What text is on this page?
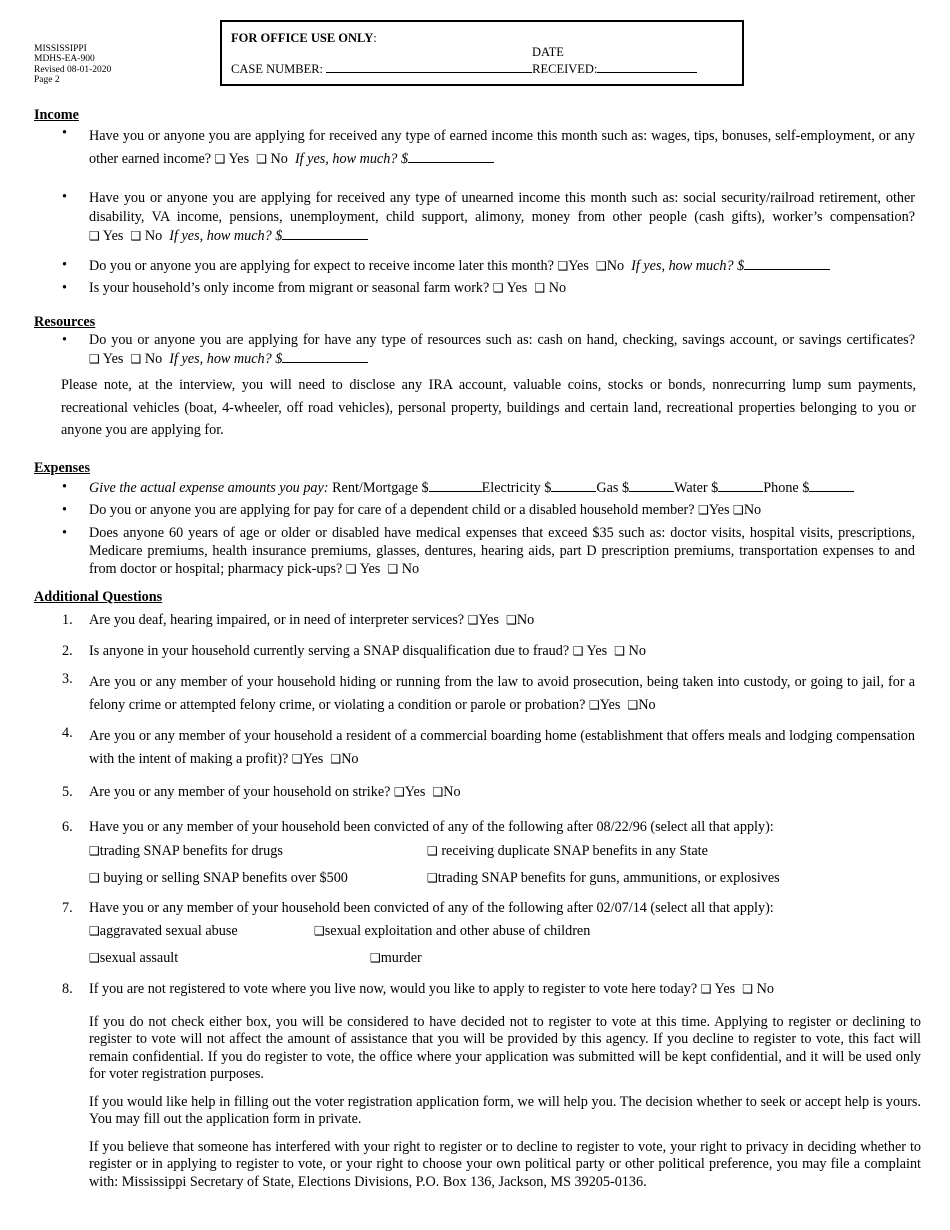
MISSISSIPPI
MDHS-EA-900
Revised 08-01-2020
Page 2
FOR OFFICE USE ONLY:
DATE
CASE NUMBER:	RECEIVED:
Income
• Have you or anyone you are applying for received any type of earned income this month such as: wages, tips, bonuses, self-employment, or any other earned income? ❑ Yes ❑ No If yes, how much? $
• Have you or anyone you are applying for received any type of unearned income this month such as: social security/railroad retirement, other disability, VA income, pensions, unemployment, child support, alimony, money from other people (cash gifts), worker’s compensation? ❑ Yes ❑ No If yes, how much? $
• Do you or anyone you are applying for expect to receive income later this month? ❑Yes ❑No If yes, how much? $
• Is your household’s only income from migrant or seasonal farm work? ❑ Yes ❑ No
Resources
• Do you or anyone you are applying for have any type of resources such as: cash on hand, checking, savings account, or savings certificates? ❑ Yes ❑ No If yes, how much? $
Please note, at the interview, you will need to disclose any IRA account, valuable coins, stocks or bonds, nonrecurring lump sum payments, recreational vehicles (boat, 4-wheeler, off road vehicles), personal property, buildings and certain land, recreational properties belonging to you or anyone you are applying for.
Expenses
• Give the actual expense amounts you pay: Rent/Mortgage $	Electricity $	Gas $	Water $	Phone $
• Do you or anyone you are applying for pay for care of a dependent child or a disabled household member? ❑Yes ❑No
• Does anyone 60 years of age or older or disabled have medical expenses that exceed $35 such as: doctor visits, hospital visits, prescriptions, Medicare premiums, health insurance premiums, glasses, dentures, hearing aids, part D prescription premiums, transportation expenses to and from doctor or hospital; pharmacy pick-ups? ❑ Yes ❑ No
Additional Questions
1. Are you deaf, hearing impaired, or in need of interpreter services? ❑Yes ❑No
2. Is anyone in your household currently serving a SNAP disqualification due to fraud? ❑ Yes ❑ No
3. Are you or any member of your household hiding or running from the law to avoid prosecution, being taken into custody, or going to jail, for a felony crime or attempted felony crime, or violating a condition or parole or probation? ❑Yes ❑No
4. Are you or any member of your household a resident of a commercial boarding home (establishment that offers meals and lodging compensation with the intent of making a profit)? ❑Yes ❑No
5. Are you or any member of your household on strike? ❑Yes ❑No
6. Have you or any member of your household been convicted of any of the following after 08/22/96 (select all that apply):
❑trading SNAP benefits for drugs	❑ receiving duplicate SNAP benefits in any State
❑ buying or selling SNAP benefits over $500	❑trading SNAP benefits for guns, ammunitions, or explosives
7. Have you or any member of your household been convicted of any of the following after 02/07/14 (select all that apply):
❑aggravated sexual abuse	❑sexual exploitation and other abuse of children
❑sexual assault	❑murder
8. If you are not registered to vote where you live now, would you like to apply to register to vote here today? ❑ Yes ❑ No
If you do not check either box, you will be considered to have decided not to register to vote at this time. Applying to register or declining to register to vote will not affect the amount of assistance that you will be provided by this agency. If you decline to register to vote, this fact will remain confidential. If you do register to vote, the office where your application was submitted will be kept confidential, and it will be used only for voter registration purposes.
If you would like help in filling out the voter registration application form, we will help you. The decision whether to seek or accept help is yours. You may fill out the application form in private.
If you believe that someone has interfered with your right to register or to decline to register to vote, your right to privacy in deciding whether to register or in applying to register to vote, or your right to choose your own political party or other political preference, you may file a complaint with: Mississippi Secretary of State, Elections Divisions, P.O. Box 136, Jackson, MS 39205-0136.
